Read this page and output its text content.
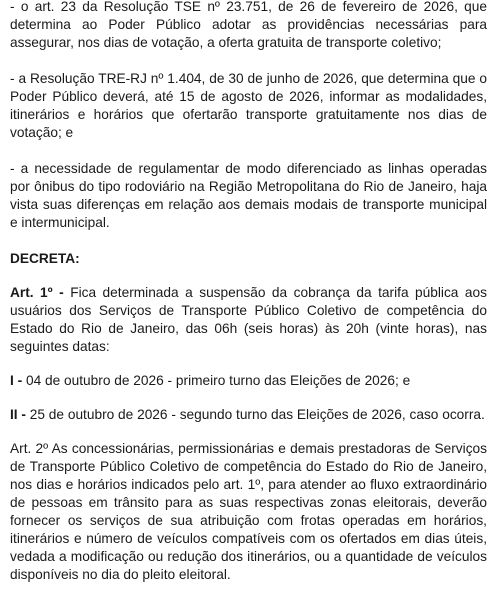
- o art. 23 da Resolução TSE nº 23.751, de 26 de fevereiro de 2026, que determina ao Poder Público adotar as providências necessárias para assegurar, nos dias de votação, a oferta gratuita de transporte coletivo;

- a Resolução TRE-RJ nº 1.404, de 30 de junho de 2026, que determina que o Poder Público deverá, até 15 de agosto de 2026, informar as modalidades, itinerários e horários que ofertarão transporte gratuitamente nos dias de votação; e

- a necessidade de regulamentar de modo diferenciado as linhas operadas por ônibus do tipo rodoviário na Região Metropolitana do Rio de Janeiro, haja vista suas diferenças em relação aos demais modais de transporte municipal e intermunicipal.

DECRETA:

Art. 1º - Fica determinada a suspensão da cobrança da tarifa pública aos usuários dos Serviços de Transporte Público Coletivo de competência do Estado do Rio de Janeiro, das 06h (seis horas) às 20h (vinte horas), nas seguintes datas:

I - 04 de outubro de 2026 - primeiro turno das Eleições de 2026; e

II - 25 de outubro de 2026 - segundo turno das Eleições de 2026, caso ocorra.

Art. 2º As concessionárias, permissionárias e demais prestadoras de Serviços de Transporte Público Coletivo de competência do Estado do Rio de Janeiro, nos dias e horários indicados pelo art. 1º, para atender ao fluxo extraordinário de pessoas em trânsito para as suas respectivas zonas eleitorais, deverão fornecer os serviços de sua atribuição com frotas operadas em horários, itinerários e número de veículos compatíveis com os ofertados em dias úteis, vedada a modificação ou redução dos itinerários, ou a quantidade de veículos disponíveis no dia do pleito eleitoral.
